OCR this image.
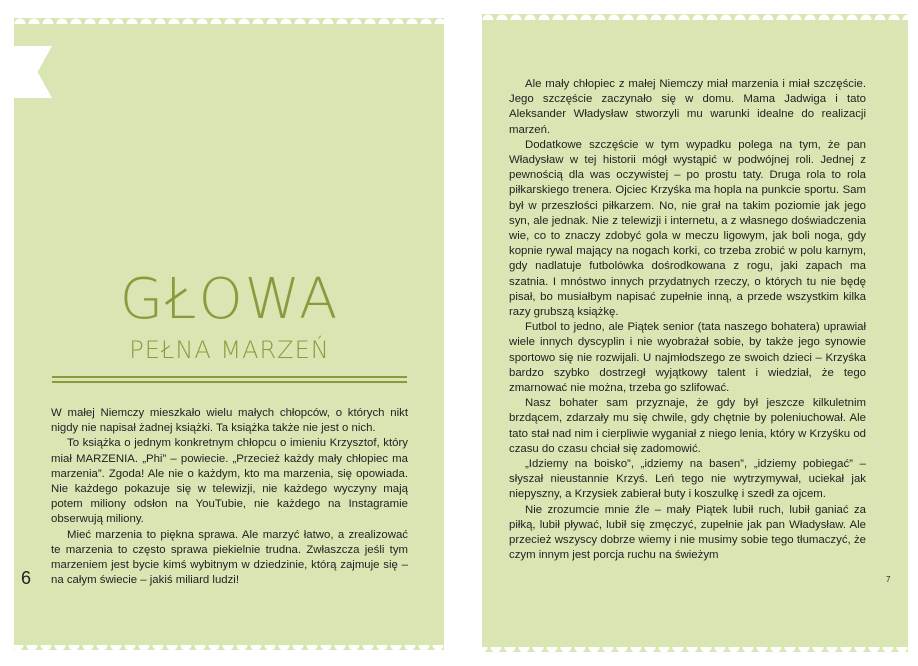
GŁOWA
PEŁNA MARZEŃ

W małej Niemczy mieszkało wielu małych chłopców, o których nikt nigdy nie napisał żadnej książki. Ta książka także nie jest o nich.

To książka o jednym konkretnym chłopcu o imieniu Krzysztof, który miał MARZENIA. „Phi” – powiecie. „Przecież każdy mały chłopiec ma marzenia”. Zgoda! Ale nie o każdym, kto ma marzenia, się opowiada. Nie każdego pokazuje się w telewizji, nie każdego wyczyny mają potem miliony odsłon na YouTubie, nie każdego na Instagramie obserwują miliony.

Mieć marzenia to piękna sprawa. Ale marzyć łatwo, a zrealizować te marzenia to często sprawa piekielnie trudna. Zwłaszcza jeśli tym marzeniem jest bycie kimś wybitnym w dziedzinie, którą zajmuje się – na całym świecie – jakiś miliard ludzi!

6

Ale mały chłopiec z małej Niemczy miał marzenia i miał szczęście. Jego szczęście zaczynało się w domu. Mama Jadwiga i tato Aleksander Władysław stworzyli mu warunki idealne do realizacji marzeń.

Dodatkowe szczęście w tym wypadku polega na tym, że pan Władysław w tej historii mógł wystąpić w podwójnej roli. Jednej z pewnością dla was oczywistej – po prostu taty. Druga rola to rola piłkarskiego trenera. Ojciec Krzyśka ma hopla na punkcie sportu. Sam był w przeszłości piłkarzem. No, nie grał na takim poziomie jak jego syn, ale jednak. Nie z telewizji i internetu, a z własnego doświadczenia wie, co to znaczy zdobyć gola w meczu ligowym, jak boli noga, gdy kopnie rywal mający na nogach korki, co trzeba zrobić w polu karnym, gdy nadlatuje futbolówka dośrodkowana z rogu, jaki zapach ma szatnia. I mnóstwo innych przydatnych rzeczy, o których tu nie będę pisał, bo musiałbym napisać zupełnie inną, a przede wszystkim kilka razy grubszą książkę.

Futbol to jedno, ale Piątek senior (tata naszego bohatera) uprawiał wiele innych dyscyplin i nie wyobrażał sobie, by także jego synowie sportowo się nie rozwijali. U najmłodszego ze swoich dzieci – Krzyśka bardzo szybko dostrzegł wyjątkowy talent i wiedział, że tego zmarnować nie można, trzeba go szlifować.

Nasz bohater sam przyznaje, że gdy był jeszcze kilkuletnim brzdącem, zdarzały mu się chwile, gdy chętnie by poleniuchował. Ale tato stał nad nim i cierpliwie wyganiał z niego lenia, który w Krzyśku od czasu do czasu chciał się zadomowić.

„Idziemy na boisko”, „idziemy na basen”, „idziemy pobiegać” – słyszał nieustannie Krzyś. Leń tego nie wytrzymywał, uciekał jak niepyszny, a Krzysiek zabierał buty i koszulkę i szedł za ojcem.

Nie zrozumcie mnie źle – mały Piątek lubił ruch, lubił ganiać za piłką, lubił pływać, lubił się zmęczyć, zupełnie jak pan Władysław. Ale przecież wszyscy dobrze wiemy i nie musimy sobie tego tłumaczyć, że czym innym jest porcja ruchu na świeżym

7
